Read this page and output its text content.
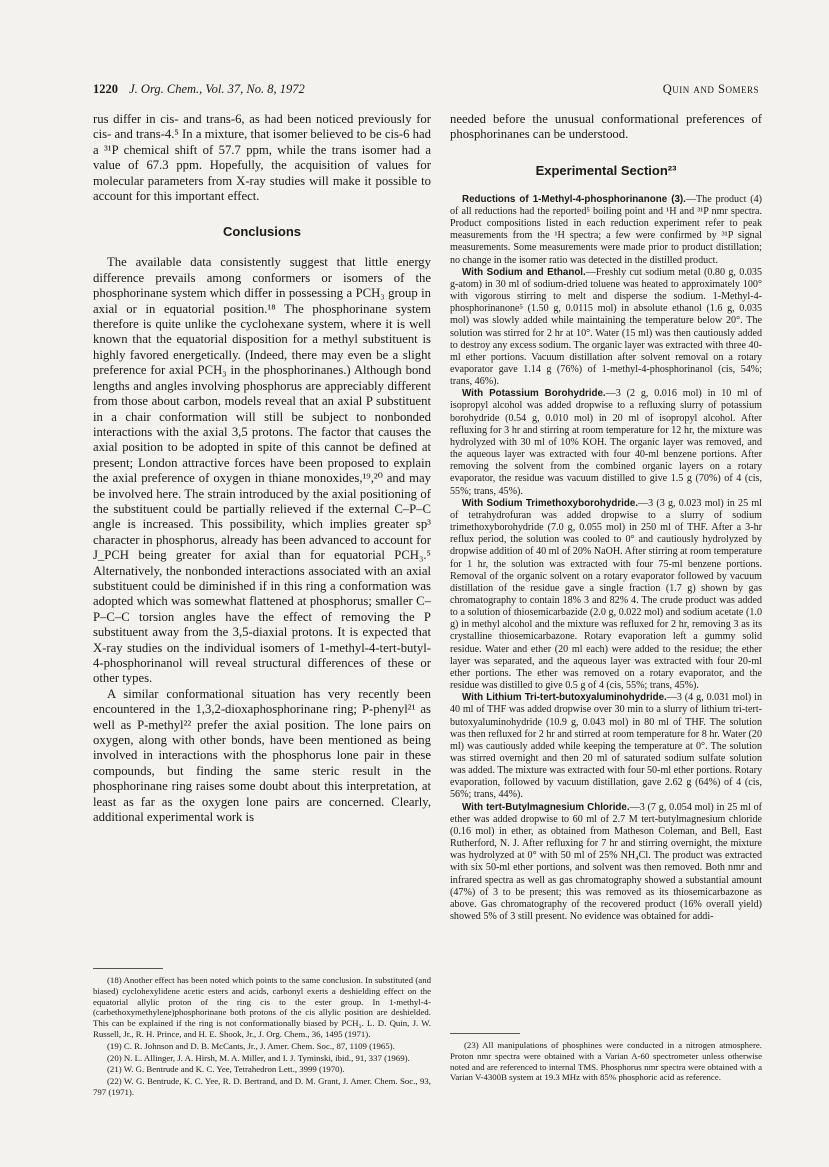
1220 J. Org. Chem., Vol. 37, No. 8, 1972	Quin and Somers

rus differ in cis- and trans-6, as had been noticed previously for cis- and trans-4.⁵ In a mixture, that isomer believed to be cis-6 had a ³¹P chemical shift of 57.7 ppm, while the trans isomer had a value of 67.3 ppm. Hopefully, the acquisition of values for molecular parameters from X-ray studies will make it possible to account for this important effect.

Conclusions

The available data consistently suggest that little energy difference prevails among conformers or isomers of the phosphorinane system which differ in possessing a PCH₃ group in axial or in equatorial position.¹⁸ The phosphorinane system therefore is quite unlike the cyclohexane system, where it is well known that the equatorial disposition for a methyl substituent is highly favored energetically. (Indeed, there may even be a slight preference for axial PCH₃ in the phosphorinanes.) Although bond lengths and angles involving phosphorus are appreciably different from those about carbon, models reveal that an axial P substituent in a chair conformation will still be subject to nonbonded interactions with the axial 3,5 protons. The factor that causes the axial position to be adopted in spite of this cannot be defined at present; London attractive forces have been proposed to explain the axial preference of oxygen in thiane monoxides,¹⁹,²⁰ and may be involved here. The strain introduced by the axial positioning of the substituent could be partially relieved if the external C–P–C angle is increased. This possibility, which implies greater sp³ character in phosphorus, already has been advanced to account for J_PCH being greater for axial than for equatorial PCH₃.⁵ Alternatively, the nonbonded interactions associated with an axial substituent could be diminished if in this ring a conformation was adopted which was somewhat flattened at phosphorus; smaller C–P–C–C torsion angles have the effect of removing the P substituent away from the 3,5-diaxial protons. It is expected that X-ray studies on the individual isomers of 1-methyl-4-tert-butyl-4-phosphorinanol will reveal structural differences of these or other types.

A similar conformational situation has very recently been encountered in the 1,3,2-dioxaphosphorinane ring; P-phenyl²¹ as well as P-methyl²² prefer the axial position. The lone pairs on oxygen, along with other bonds, have been mentioned as being involved in interactions with the phosphorus lone pair in these compounds, but finding the same steric result in the phosphorinane ring raises some doubt about this interpretation, at least as far as the oxygen lone pairs are concerned. Clearly, additional experimental work is

(18) Another effect has been noted which points to the same conclusion. In substituted (and biased) cyclohexylidene acetic esters and acids, carbonyl exerts a deshielding effect on the equatorial allylic proton of the ring cis to the ester group. In 1-methyl-4-(carbethoxymethylene)phosphorinane both protons of the cis allylic position are deshielded. This can be explained if the ring is not conformationally biased by PCH₃. L. D. Quin, J. W. Russell, Jr., R. H. Prince, and H. E. Shook, Jr., J. Org. Chem., 36, 1495 (1971).

(19) C. R. Johnson and D. B. McCants, Jr., J. Amer. Chem. Soc., 87, 1109 (1965).

(20) N. L. Allinger, J. A. Hirsh, M. A. Miller, and I. J. Tyminski, ibid., 91, 337 (1969).

(21) W. G. Bentrude and K. C. Yee, Tetrahedron Lett., 3999 (1970).

(22) W. G. Bentrude, K. C. Yee, R. D. Bertrand, and D. M. Grant, J. Amer. Chem. Soc., 93, 797 (1971).

needed before the unusual conformational preferences of phosphorinanes can be understood.

Experimental Section²³

Reductions of 1-Methyl-4-phosphorinanone (3).—The product (4) of all reductions had the reported⁵ boiling point and ¹H and ³¹P nmr spectra. Product compositions listed in each reduction experiment refer to peak measurements from the ¹H spectra; a few were confirmed by ³¹P signal measurements. Some measurements were made prior to product distillation; no change in the isomer ratio was detected in the distilled product.

With Sodium and Ethanol.—Freshly cut sodium metal (0.80 g, 0.035 g-atom) in 30 ml of sodium-dried toluene was heated to approximately 100° with vigorous stirring to melt and disperse the sodium. 1-Methyl-4-phosphorinanone⁵ (1.50 g, 0.0115 mol) in absolute ethanol (1.6 g, 0.035 mol) was slowly added while maintaining the temperature below 20°. The solution was stirred for 2 hr at 10°. Water (15 ml) was then cautiously added to destroy any excess sodium. The organic layer was extracted with three 40-ml ether portions. Vacuum distillation after solvent removal on a rotary evaporator gave 1.14 g (76%) of 1-methyl-4-phosphorinanol (cis, 54%; trans, 46%).

With Potassium Borohydride.—3 (2 g, 0.016 mol) in 10 ml of isopropyl alcohol was added dropwise to a refluxing slurry of potassium borohydride (0.54 g, 0.010 mol) in 20 ml of isopropyl alcohol. After refluxing for 3 hr and stirring at room temperature for 12 hr, the mixture was hydrolyzed with 30 ml of 10% KOH. The organic layer was removed, and the aqueous layer was extracted with four 40-ml benzene portions. After removing the solvent from the combined organic layers on a rotary evaporator, the residue was vacuum distilled to give 1.5 g (70%) of 4 (cis, 55%; trans, 45%).

With Sodium Trimethoxyborohydride.—3 (3 g, 0.023 mol) in 25 ml of tetrahydrofuran was added dropwise to a slurry of sodium trimethoxyborohydride (7.0 g, 0.055 mol) in 250 ml of THF. After a 3-hr reflux period, the solution was cooled to 0° and cautiously hydrolyzed by dropwise addition of 40 ml of 20% NaOH. After stirring at room temperature for 1 hr, the solution was extracted with four 75-ml benzene portions. Removal of the organic solvent on a rotary evaporator followed by vacuum distillation of the residue gave a single fraction (1.7 g) shown by gas chromatography to contain 18% 3 and 82% 4. The crude product was added to a solution of thiosemicarbazide (2.0 g, 0.022 mol) and sodium acetate (1.0 g) in methyl alcohol and the mixture was refluxed for 2 hr, removing 3 as its crystalline thiosemicarbazone. Rotary evaporation left a gummy solid residue. Water and ether (20 ml each) were added to the residue; the ether layer was separated, and the aqueous layer was extracted with four 20-ml ether portions. The ether was removed on a rotary evaporator, and the residue was distilled to give 0.5 g of 4 (cis, 55%; trans, 45%).

With Lithium Tri-tert-butoxyaluminohydride.—3 (4 g, 0.031 mol) in 40 ml of THF was added dropwise over 30 min to a slurry of lithium tri-tert-butoxyaluminohydride (10.9 g, 0.043 mol) in 80 ml of THF. The solution was then refluxed for 2 hr and stirred at room temperature for 8 hr. Water (20 ml) was cautiously added while keeping the temperature at 0°. The solution was stirred overnight and then 20 ml of saturated sodium sulfate solution was added. The mixture was extracted with four 50-ml ether portions. Rotary evaporation, followed by vacuum distillation, gave 2.62 g (64%) of 4 (cis, 56%; trans, 44%).

With tert-Butylmagnesium Chloride.—3 (7 g, 0.054 mol) in 25 ml of ether was added dropwise to 60 ml of 2.7 M tert-butylmagnesium chloride (0.16 mol) in ether, as obtained from Matheson Coleman, and Bell, East Rutherford, N. J. After refluxing for 7 hr and stirring overnight, the mixture was hydrolyzed at 0° with 50 ml of 25% NH₄Cl. The product was extracted with six 50-ml ether portions, and solvent was then removed. Both nmr and infrared spectra as well as gas chromatography showed a substantial amount (47%) of 3 to be present; this was removed as its thiosemicarbazone as above. Gas chromatography of the recovered product (16% overall yield) showed 5% of 3 still present. No evidence was obtained for addi-

(23) All manipulations of phosphines were conducted in a nitrogen atmosphere. Proton nmr spectra were obtained with a Varian A-60 spectrometer unless otherwise noted and are referenced to internal TMS. Phosphorus nmr spectra were obtained with a Varian V-4300B system at 19.3 MHz with 85% phosphoric acid as reference.
